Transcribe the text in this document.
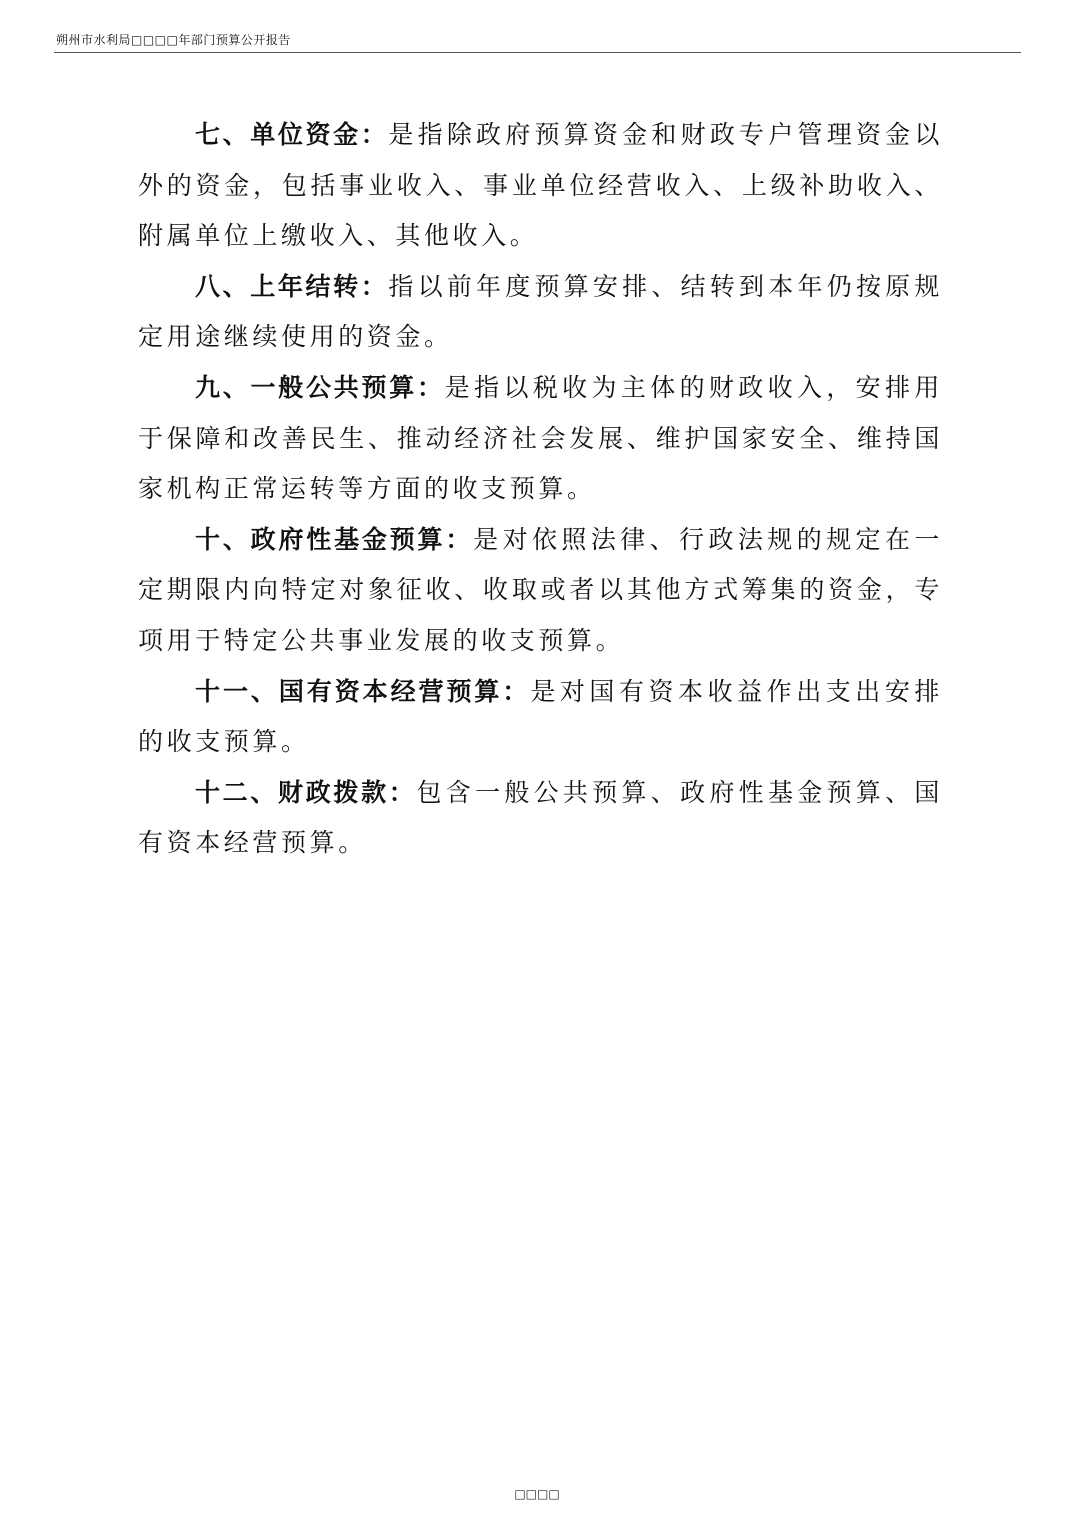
朔州市水利局□□□□年部门预算公开报告

七、单位资金：是指除政府预算资金和财政专户管理资金以外的资金，包括事业收入、事业单位经营收入、上级补助收入、附属单位上缴收入、其他收入。

八、上年结转：指以前年度预算安排、结转到本年仍按原规定用途继续使用的资金。

九、一般公共预算：是指以税收为主体的财政收入，安排用于保障和改善民生、推动经济社会发展、维护国家安全、维持国家机构正常运转等方面的收支预算。

十、政府性基金预算：是对依照法律、行政法规的规定在一定期限内向特定对象征收、收取或者以其他方式筹集的资金，专项用于特定公共事业发展的收支预算。

十一、国有资本经营预算：是对国有资本收益作出支出安排的收支预算。

十二、财政拨款：包含一般公共预算、政府性基金预算、国有资本经营预算。

□□□□
